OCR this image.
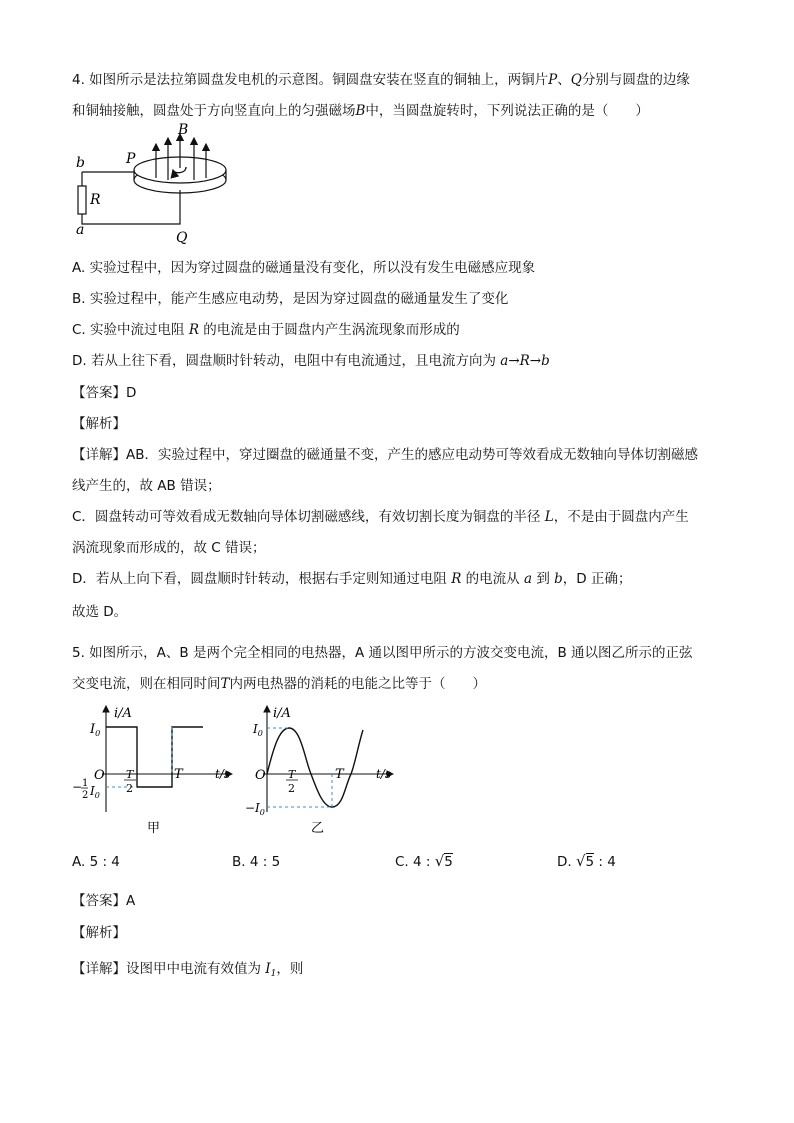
4. 如图所示是法拉第圆盘发电机的示意图。铜圆盘安装在竖直的铜轴上，两铜片P、Q分别与圆盘的边缘
和铜轴接触，圆盘处于方向竖直向上的匀强磁场B中，当圆盘旋转时，下列说法正确的是（　　）
B
P
b
R
a	Q
A. 实验过程中，因为穿过圆盘的磁通量没有变化，所以没有发生电磁感应现象
B. 实验过程中，能产生感应电动势，是因为穿过圆盘的磁通量发生了变化
C. 实验中流过电阻 R 的电流是由于圆盘内产生涡流现象而形成的
D. 若从上往下看，圆盘顺时针转动，电阻中有电流通过，且电流方向为 a→R→b
【答案】D
【解析】
【详解】AB．实验过程中，穿过圈盘的磁通量不变，产生的感应电动势可等效看成无数轴向导体切割磁感
线产生的，故 AB 错误；
C．圆盘转动可等效看成无数轴向导体切割磁感线，有效切割长度为铜盘的半径 L，不是由于圆盘内产生
涡流现象而形成的，故 C 错误；
D．若从上向下看，圆盘顺时针转动，根据右手定则知通过电阻 R 的电流从 a 到 b，D 正确；
故选 D。
5. 如图所示，A、B 是两个完全相同的电热器，A 通以图甲所示的方波交变电流，B 通以图乙所示的正弦
交变电流，则在相同时间T内两电热器的消耗的电能之比等于（　　）
i/A
$I_0$
O T
2
T	t/s
− 1
2 $I_0$
甲
i/A
$I_0$
O T
2
T	t/s
$-I_0$
乙
A. 5 : 4	B. 4 : 5	C. 4 : √5	D. √5 : 4
【答案】A
【解析】
【详解】设图甲中电流有效值为 $I_1$，则
